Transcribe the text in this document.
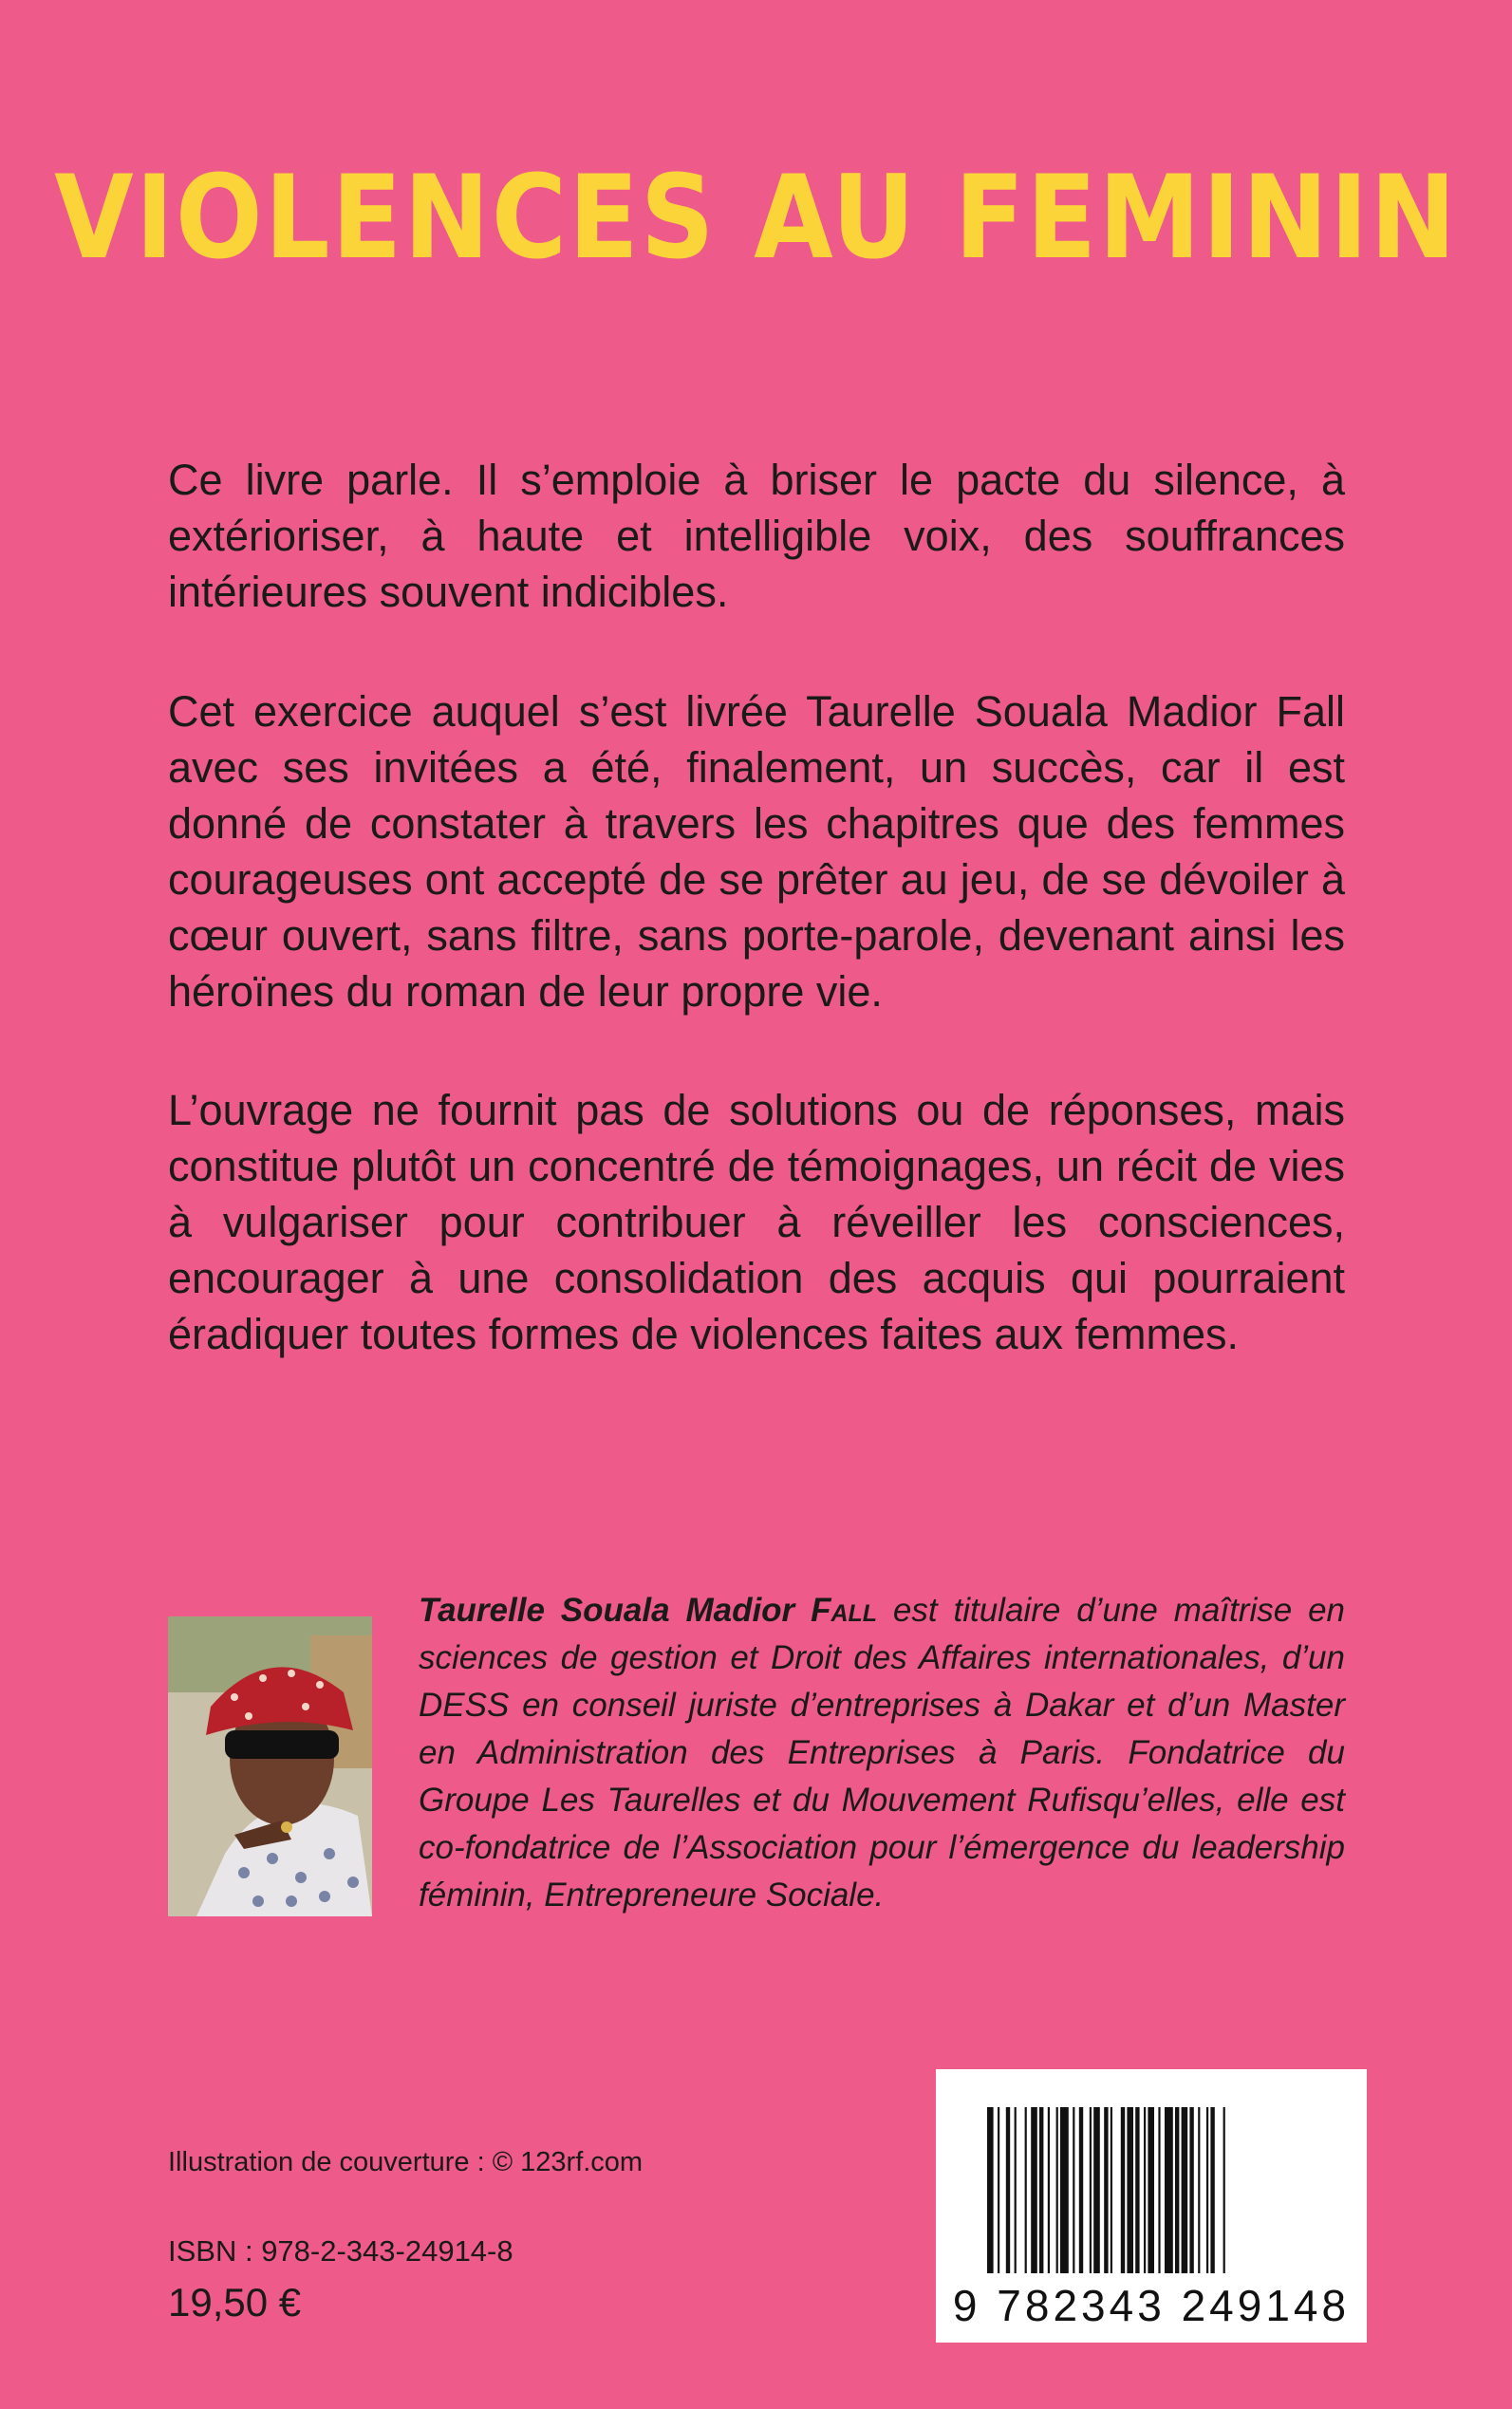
VIOLENCES AU FEMININ
Ce livre parle. Il s’emploie à briser le pacte du silence, à extérioriser, à haute et intelligible voix, des souffrances intérieures souvent indicibles.
Cet exercice auquel s’est livrée Taurelle Souala Madior Fall avec ses invitées a été, finalement, un succès, car il est donné de constater à travers les chapitres que des femmes courageuses ont accepté de se prêter au jeu, de se dévoiler à cœur ouvert, sans filtre, sans porte-parole, devenant ainsi les héroïnes du roman de leur propre vie.
L’ouvrage ne fournit pas de solutions ou de réponses, mais constitue plutôt un concentré de témoignages, un récit de vies à vulgariser pour contribuer à réveiller les consciences, encourager à une consolidation des acquis qui pourraient éradiquer toutes formes de violences faites aux femmes.
Taurelle Souala Madior Fall est titulaire d’une maîtrise en sciences de gestion et Droit des Affaires internationales, d’un DESS en conseil juriste d’entreprises à Dakar et d’un Master en Administration des Entreprises à Paris. Fondatrice du Groupe Les Taurelles et du Mouvement Rufisqu’elles, elle est co-fondatrice de l’Association pour l’émergence du leadership féminin, Entrepreneure Sociale.
Illustration de couverture : © 123rf.com
ISBN : 978-2-343-24914-8
19,50 €	9 782343 249148
